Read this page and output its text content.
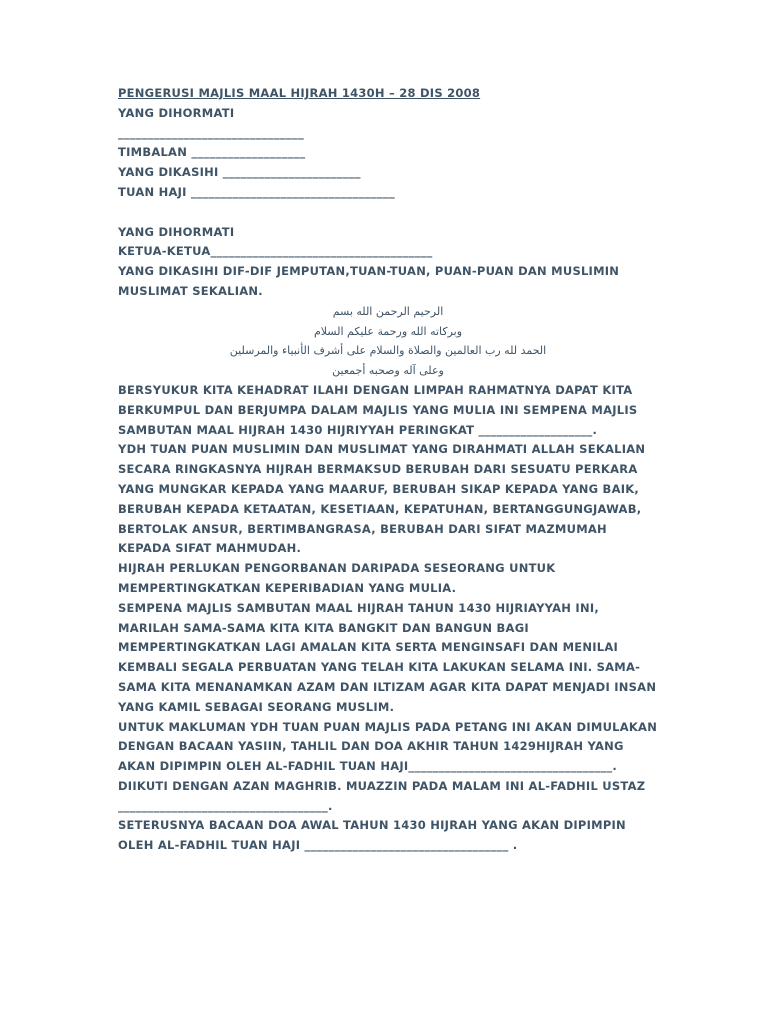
PENGERUSI MAJLIS MAAL HIJRAH 1430H – 28 DIS 2008
YANG DIHORMATI
_______________________________
TIMBALAN ___________________
YANG DIKASIHI _______________________
TUAN HAJI __________________________________
YANG DIHORMATI
KETUA-KETUA_____________________________________
YANG DIKASIHI DIF-DIF JEMPUTAN,TUAN-TUAN, PUAN-PUAN DAN MUSLIMIN MUSLIMAT SEKALIAN.
الرحيم الرحمن الله بسم
وبركاته الله ورحمة عليكم السلام
الحمد لله رب العالمين والصلاة والسلام على أشرف الأنبياء والمرسلين
وعلى آله وصحبه أجمعين
BERSYUKUR KITA KEHADRAT ILAHI DENGAN LIMPAH RAHMATNYA DAPAT KITA BERKUMPUL DAN BERJUMPA DALAM MAJLIS YANG MULIA INI SEMPENA MAJLIS SAMBUTAN MAAL HIJRAH 1430 HIJRIYYAH PERINGKAT ___________________.
YDH TUAN PUAN MUSLIMIN DAN MUSLIMAT YANG DIRAHMATI ALLAH SEKALIAN
SECARA RINGKASNYA HIJRAH BERMAKSUD BERUBAH DARI SESUATU PERKARA YANG MUNGKAR KEPADA YANG MAARUF, BERUBAH SIKAP KEPADA YANG BAIK, BERUBAH KEPADA KETAATAN, KESETIAAN, KEPATUHAN, BERTANGGUNGJAWAB, BERTOLAK ANSUR, BERTIMBANGRASA, BERUBAH DARI SIFAT MAZMUMAH KEPADA SIFAT MAHMUDAH.
HIJRAH PERLUKAN PENGORBANAN DARIPADA SESEORANG UNTUK MEMPERTINGKATKAN KEPERIBADIAN YANG MULIA.
SEMPENA MAJLIS SAMBUTAN MAAL HIJRAH TAHUN 1430 HIJRIAYYAH INI, MARILAH SAMA-SAMA KITA KITA BANGKIT DAN BANGUN BAGI MEMPERTINGKATKAN LAGI AMALAN KITA SERTA MENGINSAFI DAN MENILAI KEMBALI SEGALA PERBUATAN YANG TELAH KITA LAKUKAN SELAMA INI. SAMA-SAMA KITA MENANAMKAN AZAM DAN ILTIZAM AGAR KITA DAPAT MENJADI INSAN YANG KAMIL SEBAGAI SEORANG MUSLIM.
UNTUK MAKLUMAN YDH TUAN PUAN MAJLIS PADA PETANG INI AKAN DIMULAKAN DENGAN BACAAN YASIIN, TAHLIL DAN DOA AKHIR TAHUN 1429HIJRAH YANG AKAN DIPIMPIN OLEH AL-FADHIL TUAN HAJI__________________________________.
DIIKUTI DENGAN AZAN MAGHRIB. MUAZZIN PADA MALAM INI AL-FADHIL USTAZ ___________________________________.
SETERUSNYA BACAAN DOA AWAL TAHUN 1430 HIJRAH YANG AKAN DIPIMPIN OLEH AL-FADHIL TUAN HAJI __________________________________ .
